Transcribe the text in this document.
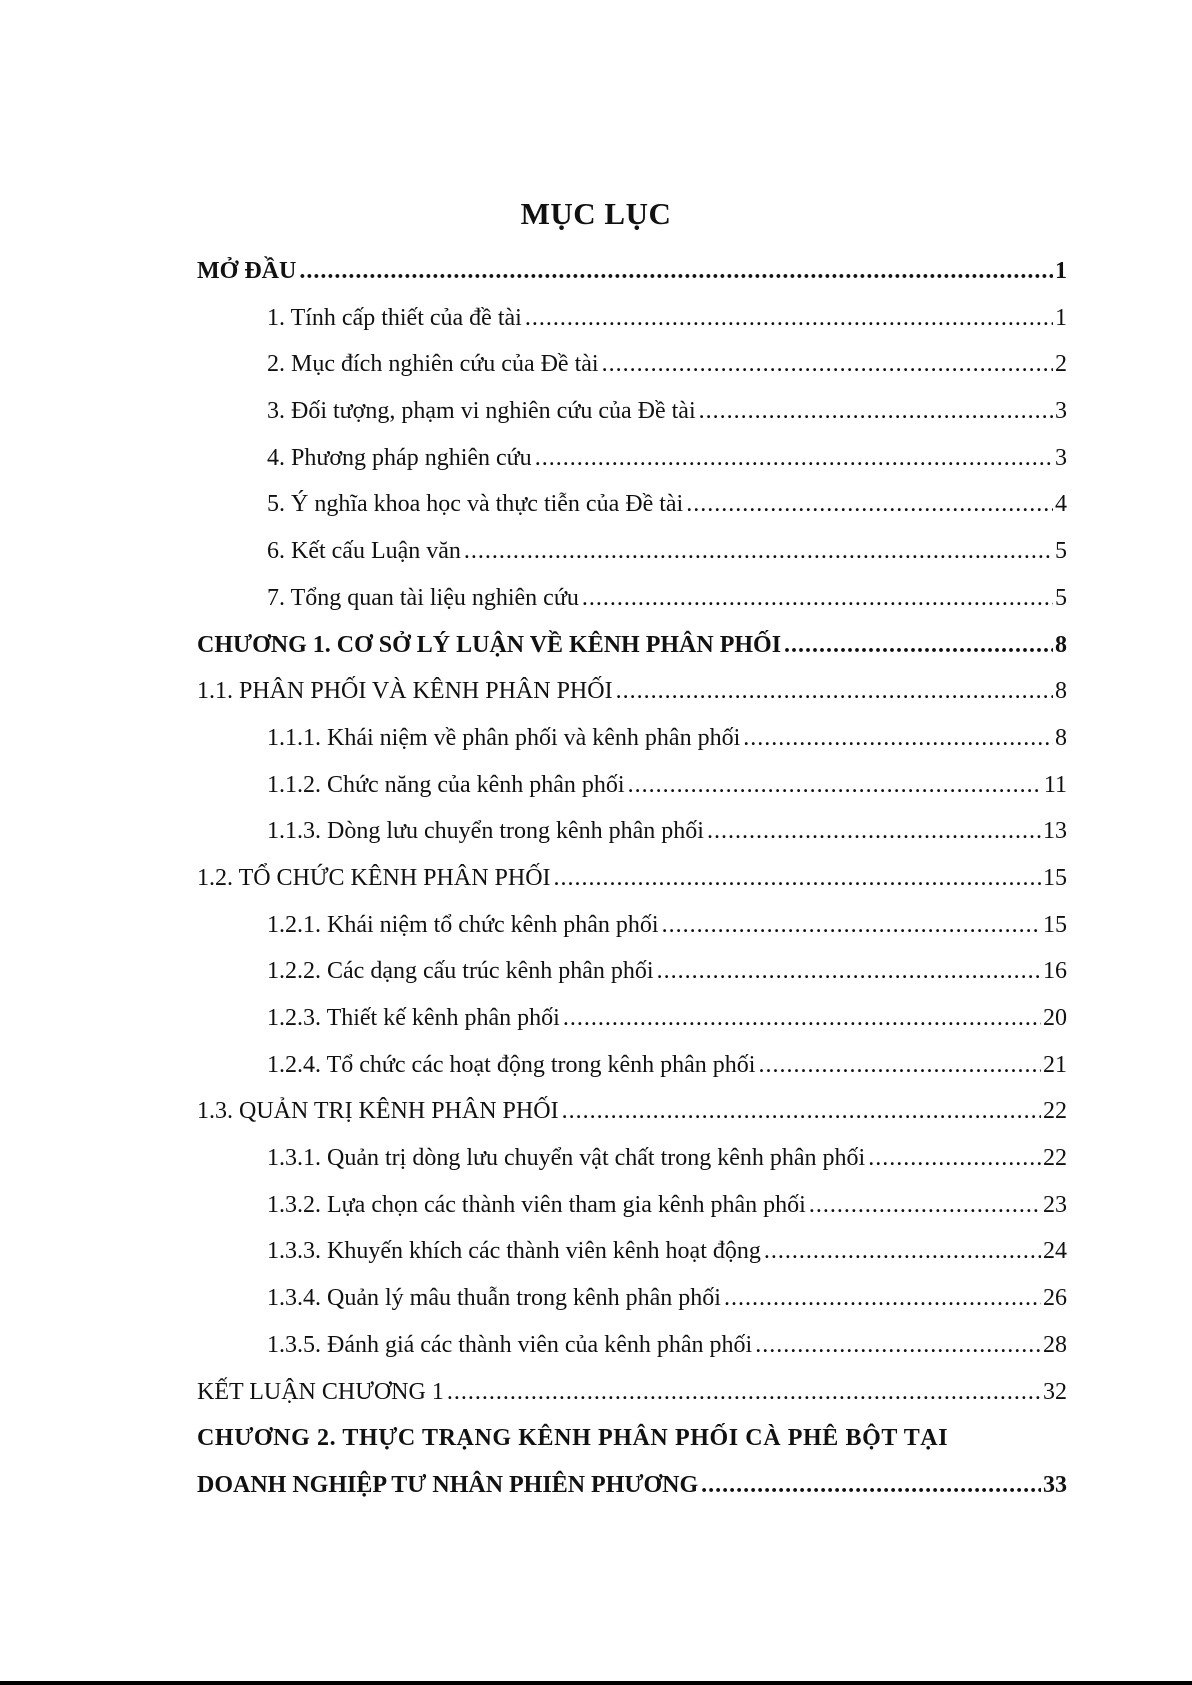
MỤC LỤC
MỞ ĐẦU .....	1
1. Tính cấp thiết của đề tài .....	1
2. Mục đích nghiên cứu của Đề tài .....	2
3. Đối tượng, phạm vi nghiên cứu của Đề tài .....	3
4. Phương pháp nghiên cứu .....	3
5. Ý nghĩa khoa học và thực tiễn của Đề tài .....	4
6. Kết cấu Luận văn .....	5
7. Tổng quan tài liệu nghiên cứu .....	5
CHƯƠNG 1. CƠ SỞ LÝ LUẬN VỀ KÊNH PHÂN PHỐI .....	8
1.1. PHÂN PHỐI VÀ KÊNH PHÂN PHỐI .....	8
1.1.1. Khái niệm về phân phối và kênh phân phối .....	8
1.1.2. Chức năng của kênh phân phối .....	11
1.1.3. Dòng lưu chuyển trong kênh phân phối .....	13
1.2. TỔ CHỨC KÊNH PHÂN PHỐI .....	15
1.2.1. Khái niệm tổ chức kênh phân phối .....	15
1.2.2. Các dạng cấu trúc kênh phân phối .....	16
1.2.3. Thiết kế kênh phân phối .....	20
1.2.4. Tổ chức các hoạt động trong kênh phân phối .....	21
1.3. QUẢN TRỊ KÊNH PHÂN PHỐI .....	22
1.3.1. Quản trị dòng lưu chuyển vật chất trong kênh phân phối .....	22
1.3.2. Lựa chọn các thành viên tham gia kênh phân phối .....	23
1.3.3. Khuyến khích các thành viên kênh hoạt động .....	24
1.3.4. Quản lý mâu thuẫn trong kênh phân phối .....	26
1.3.5. Đánh giá các thành viên của kênh phân phối .....	28
KẾT LUẬN CHƯƠNG 1 .....	32
CHƯƠNG 2. THỰC TRẠNG KÊNH PHÂN PHỐI CÀ PHÊ BỘT TẠI
DOANH NGHIỆP TƯ NHÂN PHIÊN PHƯƠNG .....	33
